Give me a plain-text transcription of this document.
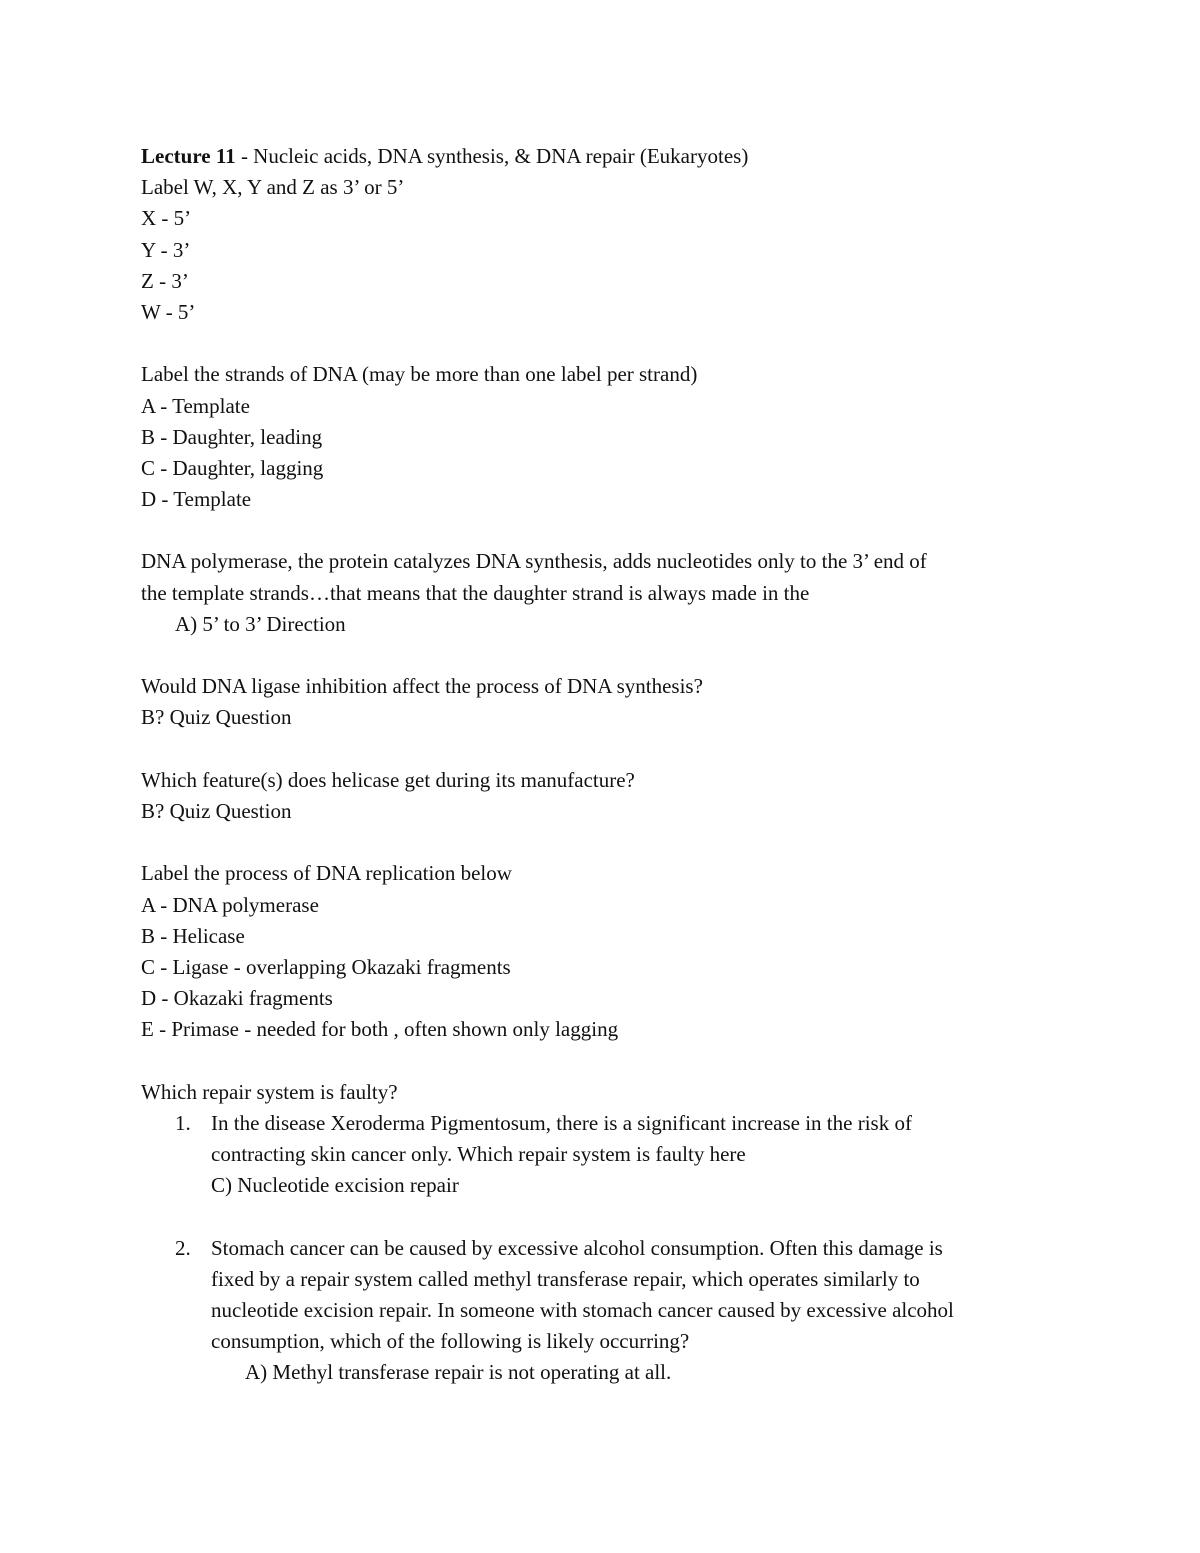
Lecture 11 - Nucleic acids, DNA synthesis, & DNA repair (Eukaryotes)
Label W, X, Y and Z as 3’ or 5’
X - 5’
Y - 3’
Z - 3’
W - 5’
Label the strands of DNA (may be more than one label per strand)
A - Template
B - Daughter, leading
C - Daughter, lagging
D - Template
DNA polymerase, the protein catalyzes DNA synthesis, adds nucleotides only to the 3’ end of
the template strands…that means that the daughter strand is always made in the
A) 5’ to 3’ Direction
Would DNA ligase inhibition affect the process of DNA synthesis?
B? Quiz Question
Which feature(s) does helicase get during its manufacture?
B? Quiz Question
Label the process of DNA replication below
A - DNA polymerase
B - Helicase
C - Ligase - overlapping Okazaki fragments
D - Okazaki fragments
E - Primase - needed for both , often shown only lagging
Which repair system is faulty?
1. In the disease Xeroderma Pigmentosum, there is a significant increase in the risk of
contracting skin cancer only. Which repair system is faulty here
C) Nucleotide excision repair
2. Stomach cancer can be caused by excessive alcohol consumption. Often this damage is
fixed by a repair system called methyl transferase repair, which operates similarly to
nucleotide excision repair. In someone with stomach cancer caused by excessive alcohol
consumption, which of the following is likely occurring?
A) Methyl transferase repair is not operating at all.
